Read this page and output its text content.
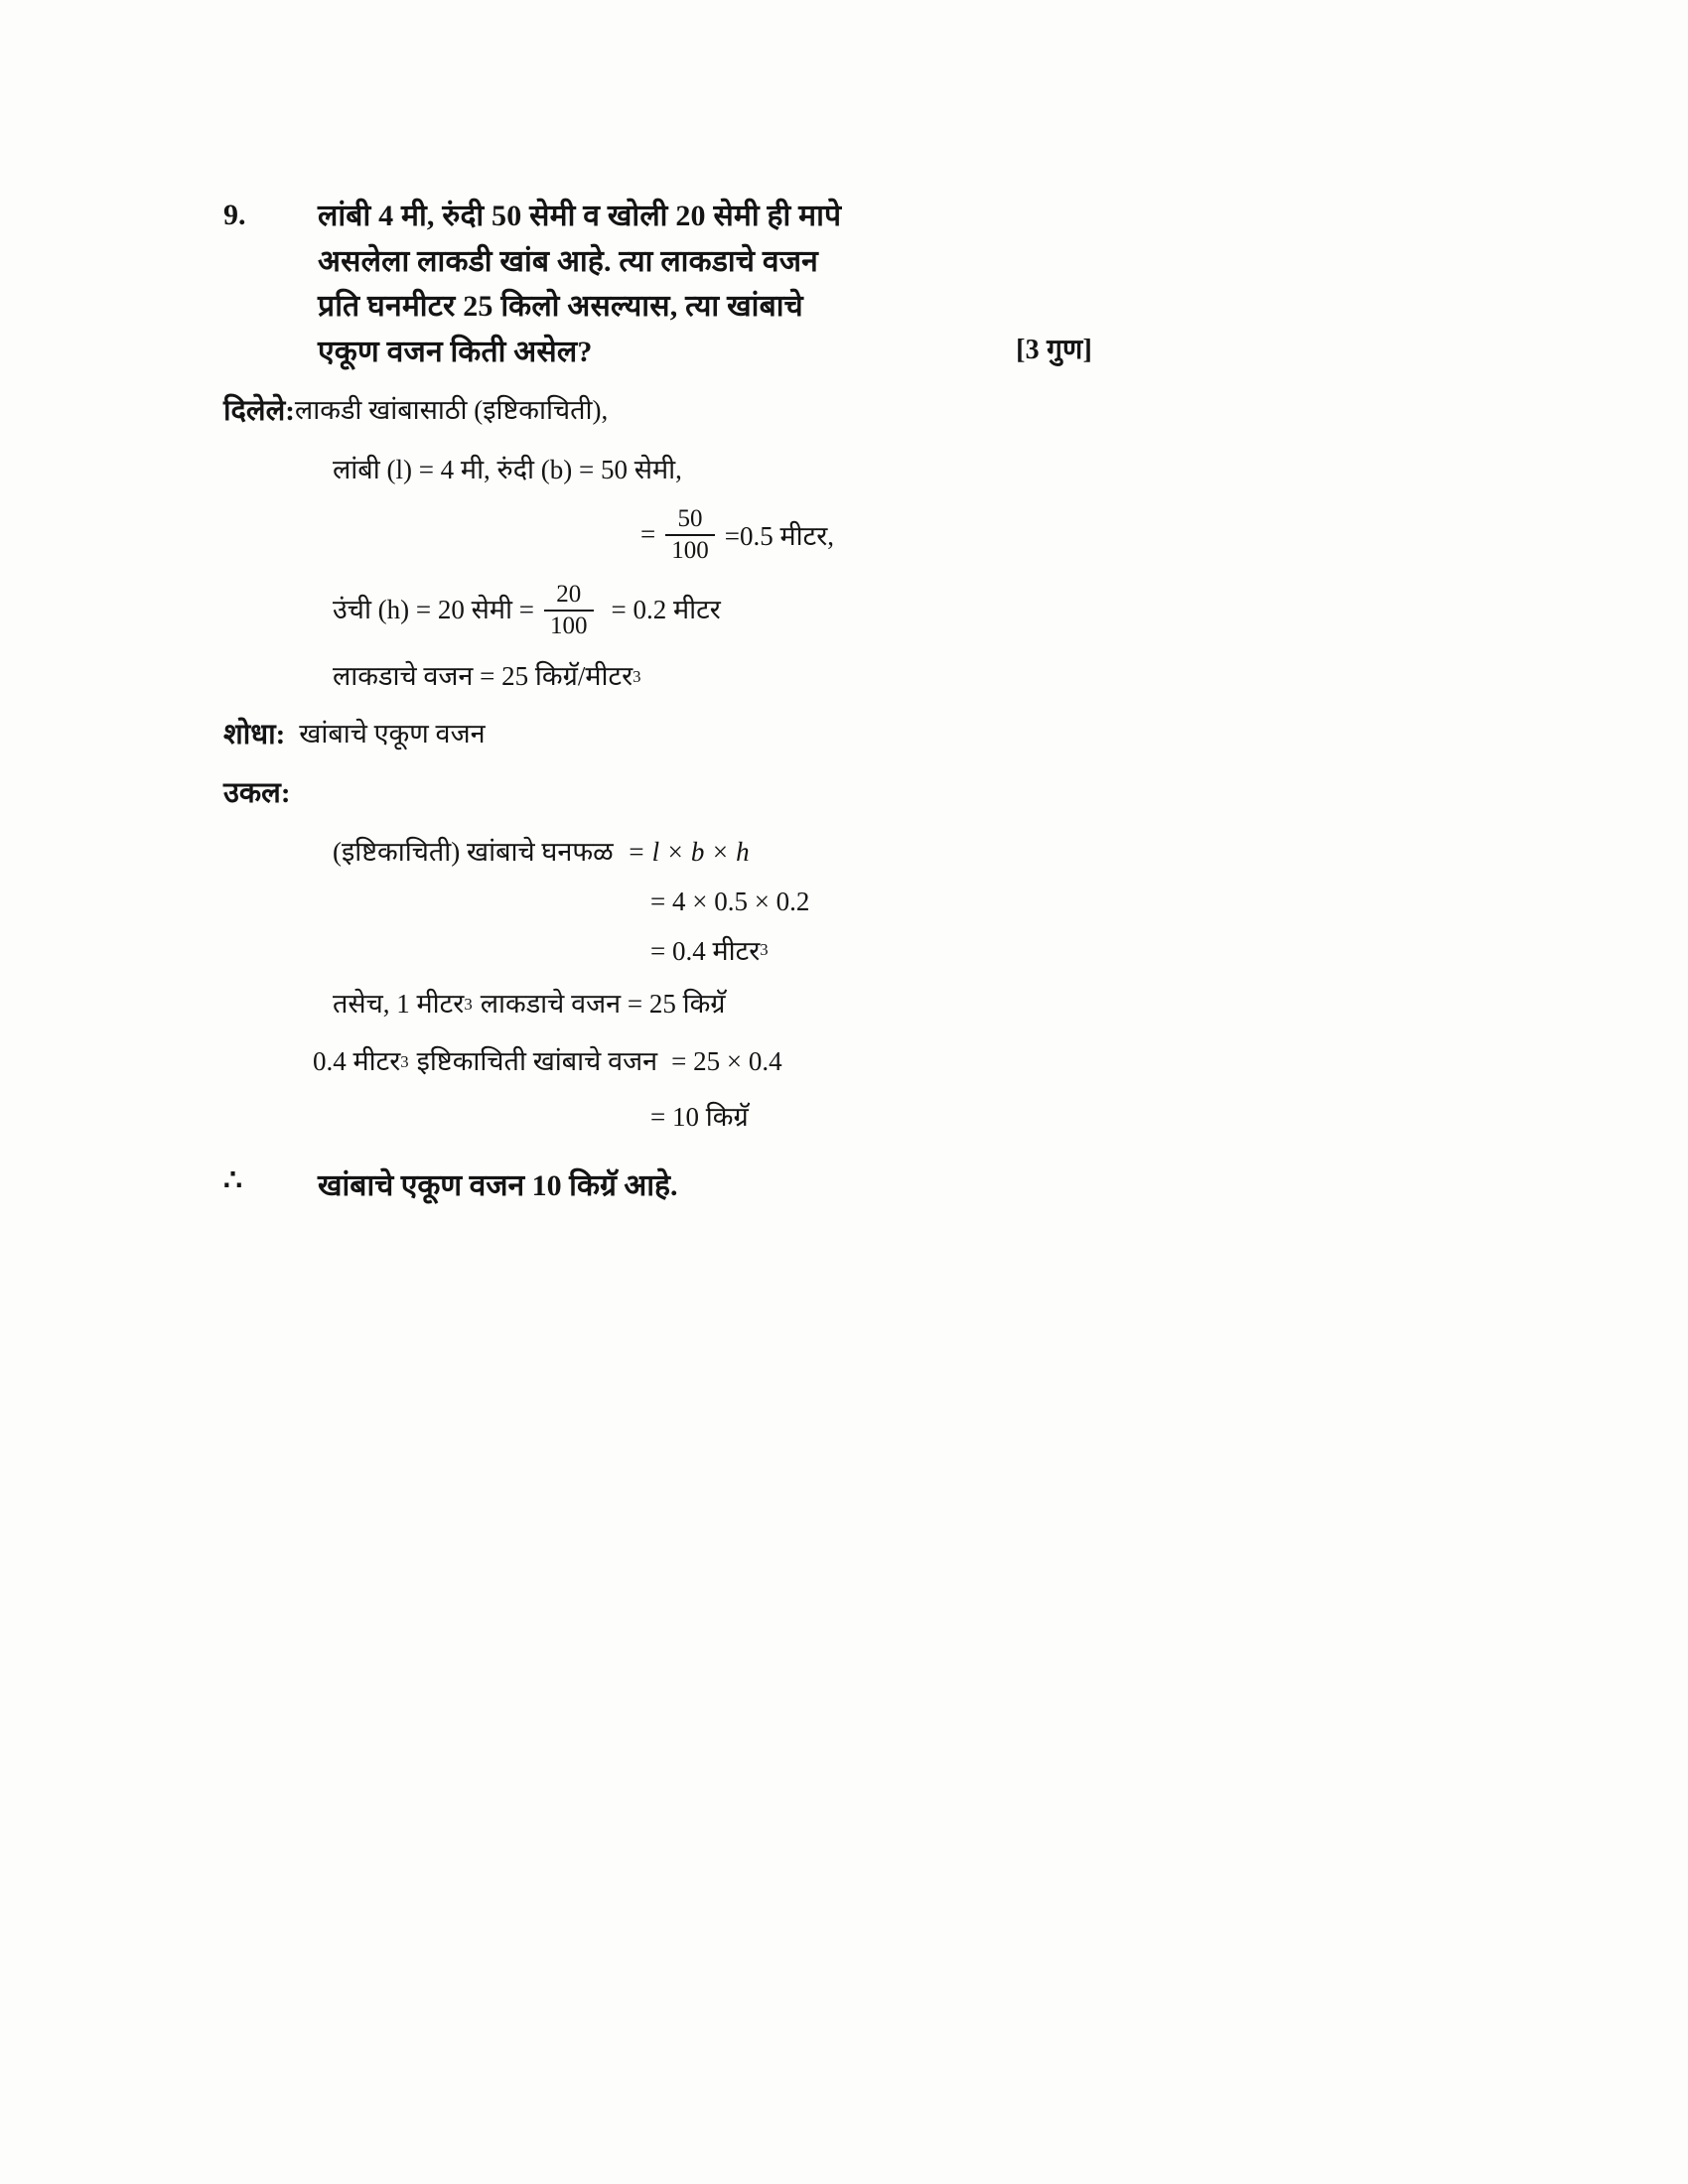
9.	लांबी 4 मी, रुंदी 50 सेमी व खोली 20 सेमी ही मापे
असलेला लाकडी खांब आहे. त्या लाकडाचे वजन
प्रति घनमीटर 25 किलो असल्यास, त्या खांबाचे
एकूण वजन किती असेल?	[3 गुण]
दिलेले: लाकडी खांबासाठी (इष्टिकाचिती),
लांबी (l) = 4 मी, रुंदी (b) = 50 सेमी,
= $\frac{50}{100} =0.5$ मीटर,
उंची (h) = 20 सेमी = $\frac{20}{100} = 0.2$ मीटर
लाकडाचे वजन = 25 किग्रॅ/मीटर 3
शोधा: खांबाचे एकूण वजन
उकल:
(इष्टिकाचिती) खांबाचे घनफळ = l × b × h
= 4 × 0.5 × 0.2
= 0.4 मीटर 3
तसेच, 1 मीटर 3 लाकडाचे वजन = 25 किग्रॅ
0.4 मीटर 3 इष्टिकाचिती खांबाचे वजन = 25 × 0.4
= 10 किग्रॅ
∴	खांबाचे एकूण वजन 10 किग्रॅ आहे.
